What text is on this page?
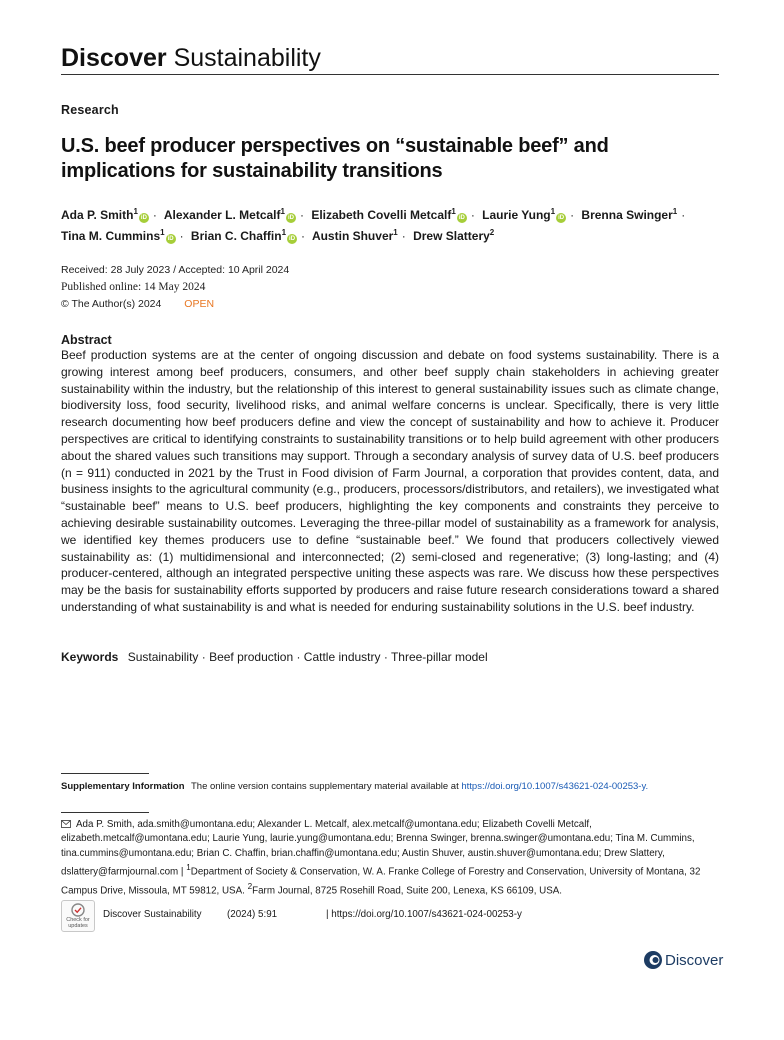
Discover Sustainability
Research
U.S. beef producer perspectives on “sustainable beef” and implications for sustainability transitions
Ada P. Smith$^1$iD · Alexander L. Metcalf$^1$iD · Elizabeth Covelli Metcalf$^1$iD · Laurie Yung$^1$iD · Brenna Swinger$^1$ · Tina M. Cummins$^1$iD · Brian C. Chaffin$^1$iD · Austin Shuver$^1$ · Drew Slattery$^2$
Received: 28 July 2023 / Accepted: 10 April 2024
Published online: 14 May 2024
© The Author(s) 2024 OPEN
Abstract
Beef production systems are at the center of ongoing discussion and debate on food systems sustainability. There is a growing interest among beef producers, consumers, and other beef supply chain stakeholders in achieving greater sustainability within the industry, but the relationship of this interest to general sustainability issues such as climate change, biodiversity loss, food security, livelihood risks, and animal welfare concerns is unclear. Specifically, there is very little research documenting how beef producers define and view the concept of sustainability and how to achieve it. Producer perspectives are critical to identifying constraints to sustainability transitions or to help build agreement with other producers about the shared values such transitions may support. Through a secondary analysis of survey data of U.S. beef producers (n = 911) conducted in 2021 by the Trust in Food division of Farm Journal, a corporation that provides content, data, and business insights to the agricultural community (e.g., producers, processors/distributors, and retailers), we investigated what “sustainable beef” means to U.S. beef producers, highlighting the key components and constraints they perceive to achieving desirable sustainability outcomes. Leveraging the three-pillar model of sustainability as a framework for analysis, we identified key themes producers use to define “sustainable beef.” We found that producers collectively viewed sustainability as: (1) multidimensional and interconnected; (2) semi-closed and regenerative; (3) long-lasting; and (4) producer-centered, although an integrated perspective uniting these aspects was rare. We discuss how these perspectives may be the basis for sustainability efforts supported by producers and raise future research considerations toward a shared understanding of what sustainability is and what is needed for enduring sustainability solutions in the U.S. beef industry.
Keywords Sustainability · Beef production · Cattle industry · Three-pillar model
Supplementary Information The online version contains supplementary material available at https://doi.org/10.1007/s43621-024-00253-y.
Ada P. Smith, ada.smith@umontana.edu; Alexander L. Metcalf, alex.metcalf@umontana.edu; Elizabeth Covelli Metcalf, elizabeth.metcalf@umontana.edu; Laurie Yung, laurie.yung@umontana.edu; Brenna Swinger, brenna.swinger@umontana.edu; Tina M. Cummins, tina.cummins@umontana.edu; Brian C. Chaffin, brian.chaffin@umontana.edu; Austin Shuver, austin.shuver@umontana.edu; Drew Slattery, dslattery@farmjournal.com | $^1$Department of Society & Conservation, W. A. Franke College of Forestry and Conservation, University of Montana, 32 Campus Drive, Missoula, MT 59812, USA. $^2$Farm Journal, 8725 Rosehill Road, Suite 200, Lenexa, KS 66109, USA.
Check for updates
Discover Sustainability	(2024) 5:91	| https://doi.org/10.1007/s43621-024-00253-y
Discover
